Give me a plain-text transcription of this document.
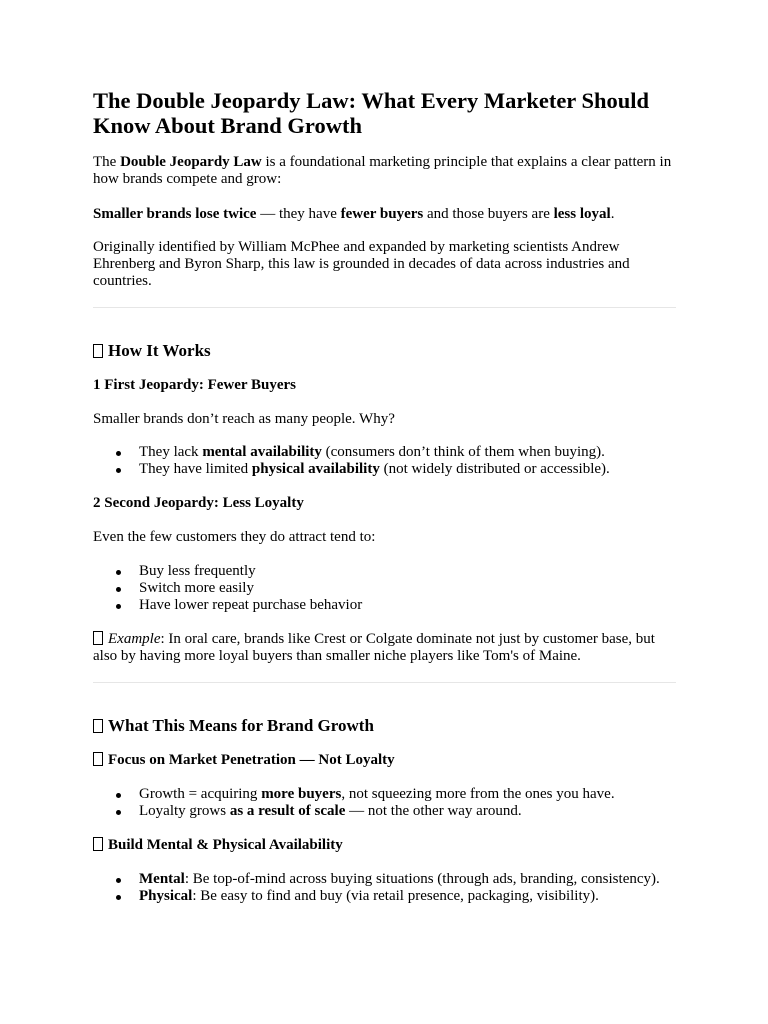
The Double Jeopardy Law: What Every Marketer Should Know About Brand Growth

The Double Jeopardy Law is a foundational marketing principle that explains a clear pattern in how brands compete and grow:

Smaller brands lose twice — they have fewer buyers and those buyers are less loyal.

Originally identified by William McPhee and expanded by marketing scientists Andrew Ehrenberg and Byron Sharp, this law is grounded in decades of data across industries and countries.

How It Works
1 First Jeopardy: Fewer Buyers

Smaller brands don’t reach as many people. Why?

They lack mental availability (consumers don’t think of them when buying).
They have limited physical availability (not widely distributed or accessible).
2 Second Jeopardy: Less Loyalty

Even the few customers they do attract tend to:

Buy less frequently
Switch more easily
Have lower repeat purchase behavior

Example: In oral care, brands like Crest or Colgate dominate not just by customer base, but also by having more loyal buyers than smaller niche players like Tom's of Maine.

What This Means for Brand Growth
Focus on Market Penetration — Not Loyalty
Growth = acquiring more buyers, not squeezing more from the ones you have.
Loyalty grows as a result of scale — not the other way around.
Build Mental & Physical Availability
Mental: Be top-of-mind across buying situations (through ads, branding, consistency).
Physical: Be easy to find and buy (via retail presence, packaging, visibility).
